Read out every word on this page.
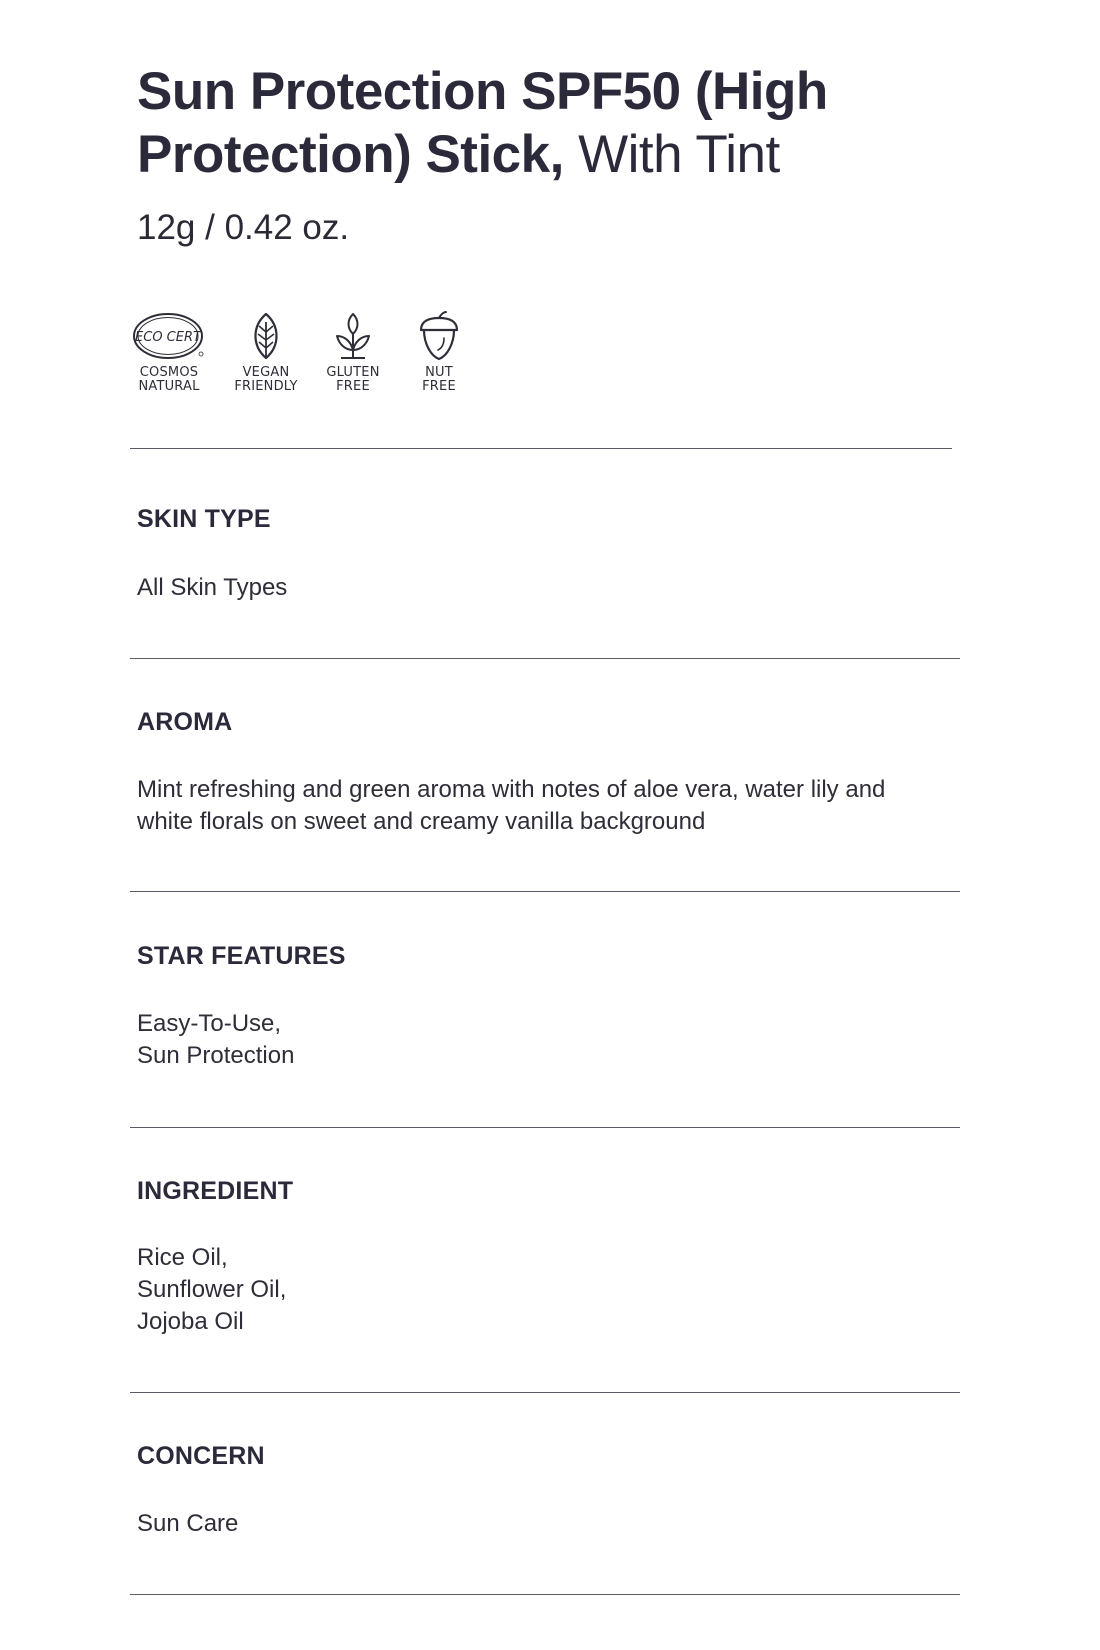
Sun Protection SPF50 (High Protection) Stick, With Tint
12g / 0.42 oz.
ECO CERT
COSMOS
NATURAL
VEGAN
FRIENDLY
GLUTEN
FREE
NUT
FREE
SKIN TYPE
All Skin Types
AROMA
Mint refreshing and green aroma with notes of aloe vera, water lily and
white florals on sweet and creamy vanilla background
STAR FEATURES
Easy-To-Use,
Sun Protection
INGREDIENT
Rice Oil,
Sunflower Oil,
Jojoba Oil
CONCERN
Sun Care
